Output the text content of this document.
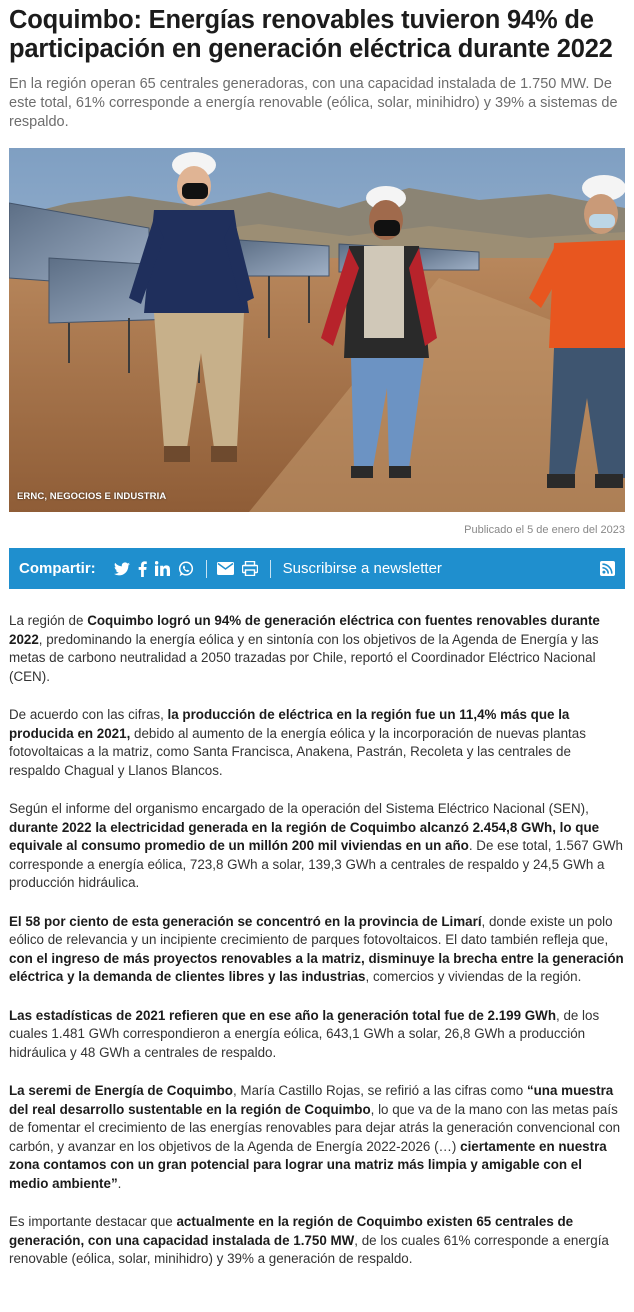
Coquimbo: Energías renovables tuvieron 94% de participación en generación eléctrica durante 2022
En la región operan 65 centrales generadoras, con una capacidad instalada de 1.750 MW. De este total, 61% corresponde a energía renovable (eólica, solar, minihidro) y 39% a sistemas de respaldo.
ERNC, NEGOCIOS E INDUSTRIA
Publicado el 5 de enero del 2023
Compartir:	Suscribirse a newsletter

La región de Coquimbo logró un 94% de generación eléctrica con fuentes renovables durante 2022, predominando la energía eólica y en sintonía con los objetivos de la Agenda de Energía y las metas de carbono neutralidad a 2050 trazadas por Chile, reportó el Coordinador Eléctrico Nacional (CEN).

De acuerdo con las cifras, la producción de eléctrica en la región fue un 11,4% más que la producida en 2021, debido al aumento de la energía eólica y la incorporación de nuevas plantas fotovoltaicas a la matriz, como Santa Francisca, Anakena, Pastrán, Recoleta y las centrales de respaldo Chagual y Llanos Blancos.

Según el informe del organismo encargado de la operación del Sistema Eléctrico Nacional (SEN), durante 2022 la electricidad generada en la región de Coquimbo alcanzó 2.454,8 GWh, lo que equivale al consumo promedio de un millón 200 mil viviendas en un año. De ese total, 1.567 GWh corresponde a energía eólica, 723,8 GWh a solar, 139,3 GWh a centrales de respaldo y 24,5 GWh a producción hidráulica.

El 58 por ciento de esta generación se concentró en la provincia de Limarí, donde existe un polo eólico de relevancia y un incipiente crecimiento de parques fotovoltaicos. El dato también refleja que, con el ingreso de más proyectos renovables a la matriz, disminuye la brecha entre la generación eléctrica y la demanda de clientes libres y las industrias, comercios y viviendas de la región.

Las estadísticas de 2021 refieren que en ese año la generación total fue de 2.199 GWh, de los cuales 1.481 GWh correspondieron a energía eólica, 643,1 GWh a solar, 26,8 GWh a producción hidráulica y 48 GWh a centrales de respaldo.

La seremi de Energía de Coquimbo, María Castillo Rojas, se refirió a las cifras como “una muestra del real desarrollo sustentable en la región de Coquimbo, lo que va de la mano con las metas país de fomentar el crecimiento de las energías renovables para dejar atrás la generación convencional con carbón, y avanzar en los objetivos de la Agenda de Energía 2022-2026 (…) ciertamente en nuestra zona contamos con un gran potencial para lograr una matriz más limpia y amigable con el medio ambiente”.

Es importante destacar que actualmente en la región de Coquimbo existen 65 centrales de generación, con una capacidad instalada de 1.750 MW, de los cuales 61% corresponde a energía renovable (eólica, solar, minihidro) y 39% a generación de respaldo.
